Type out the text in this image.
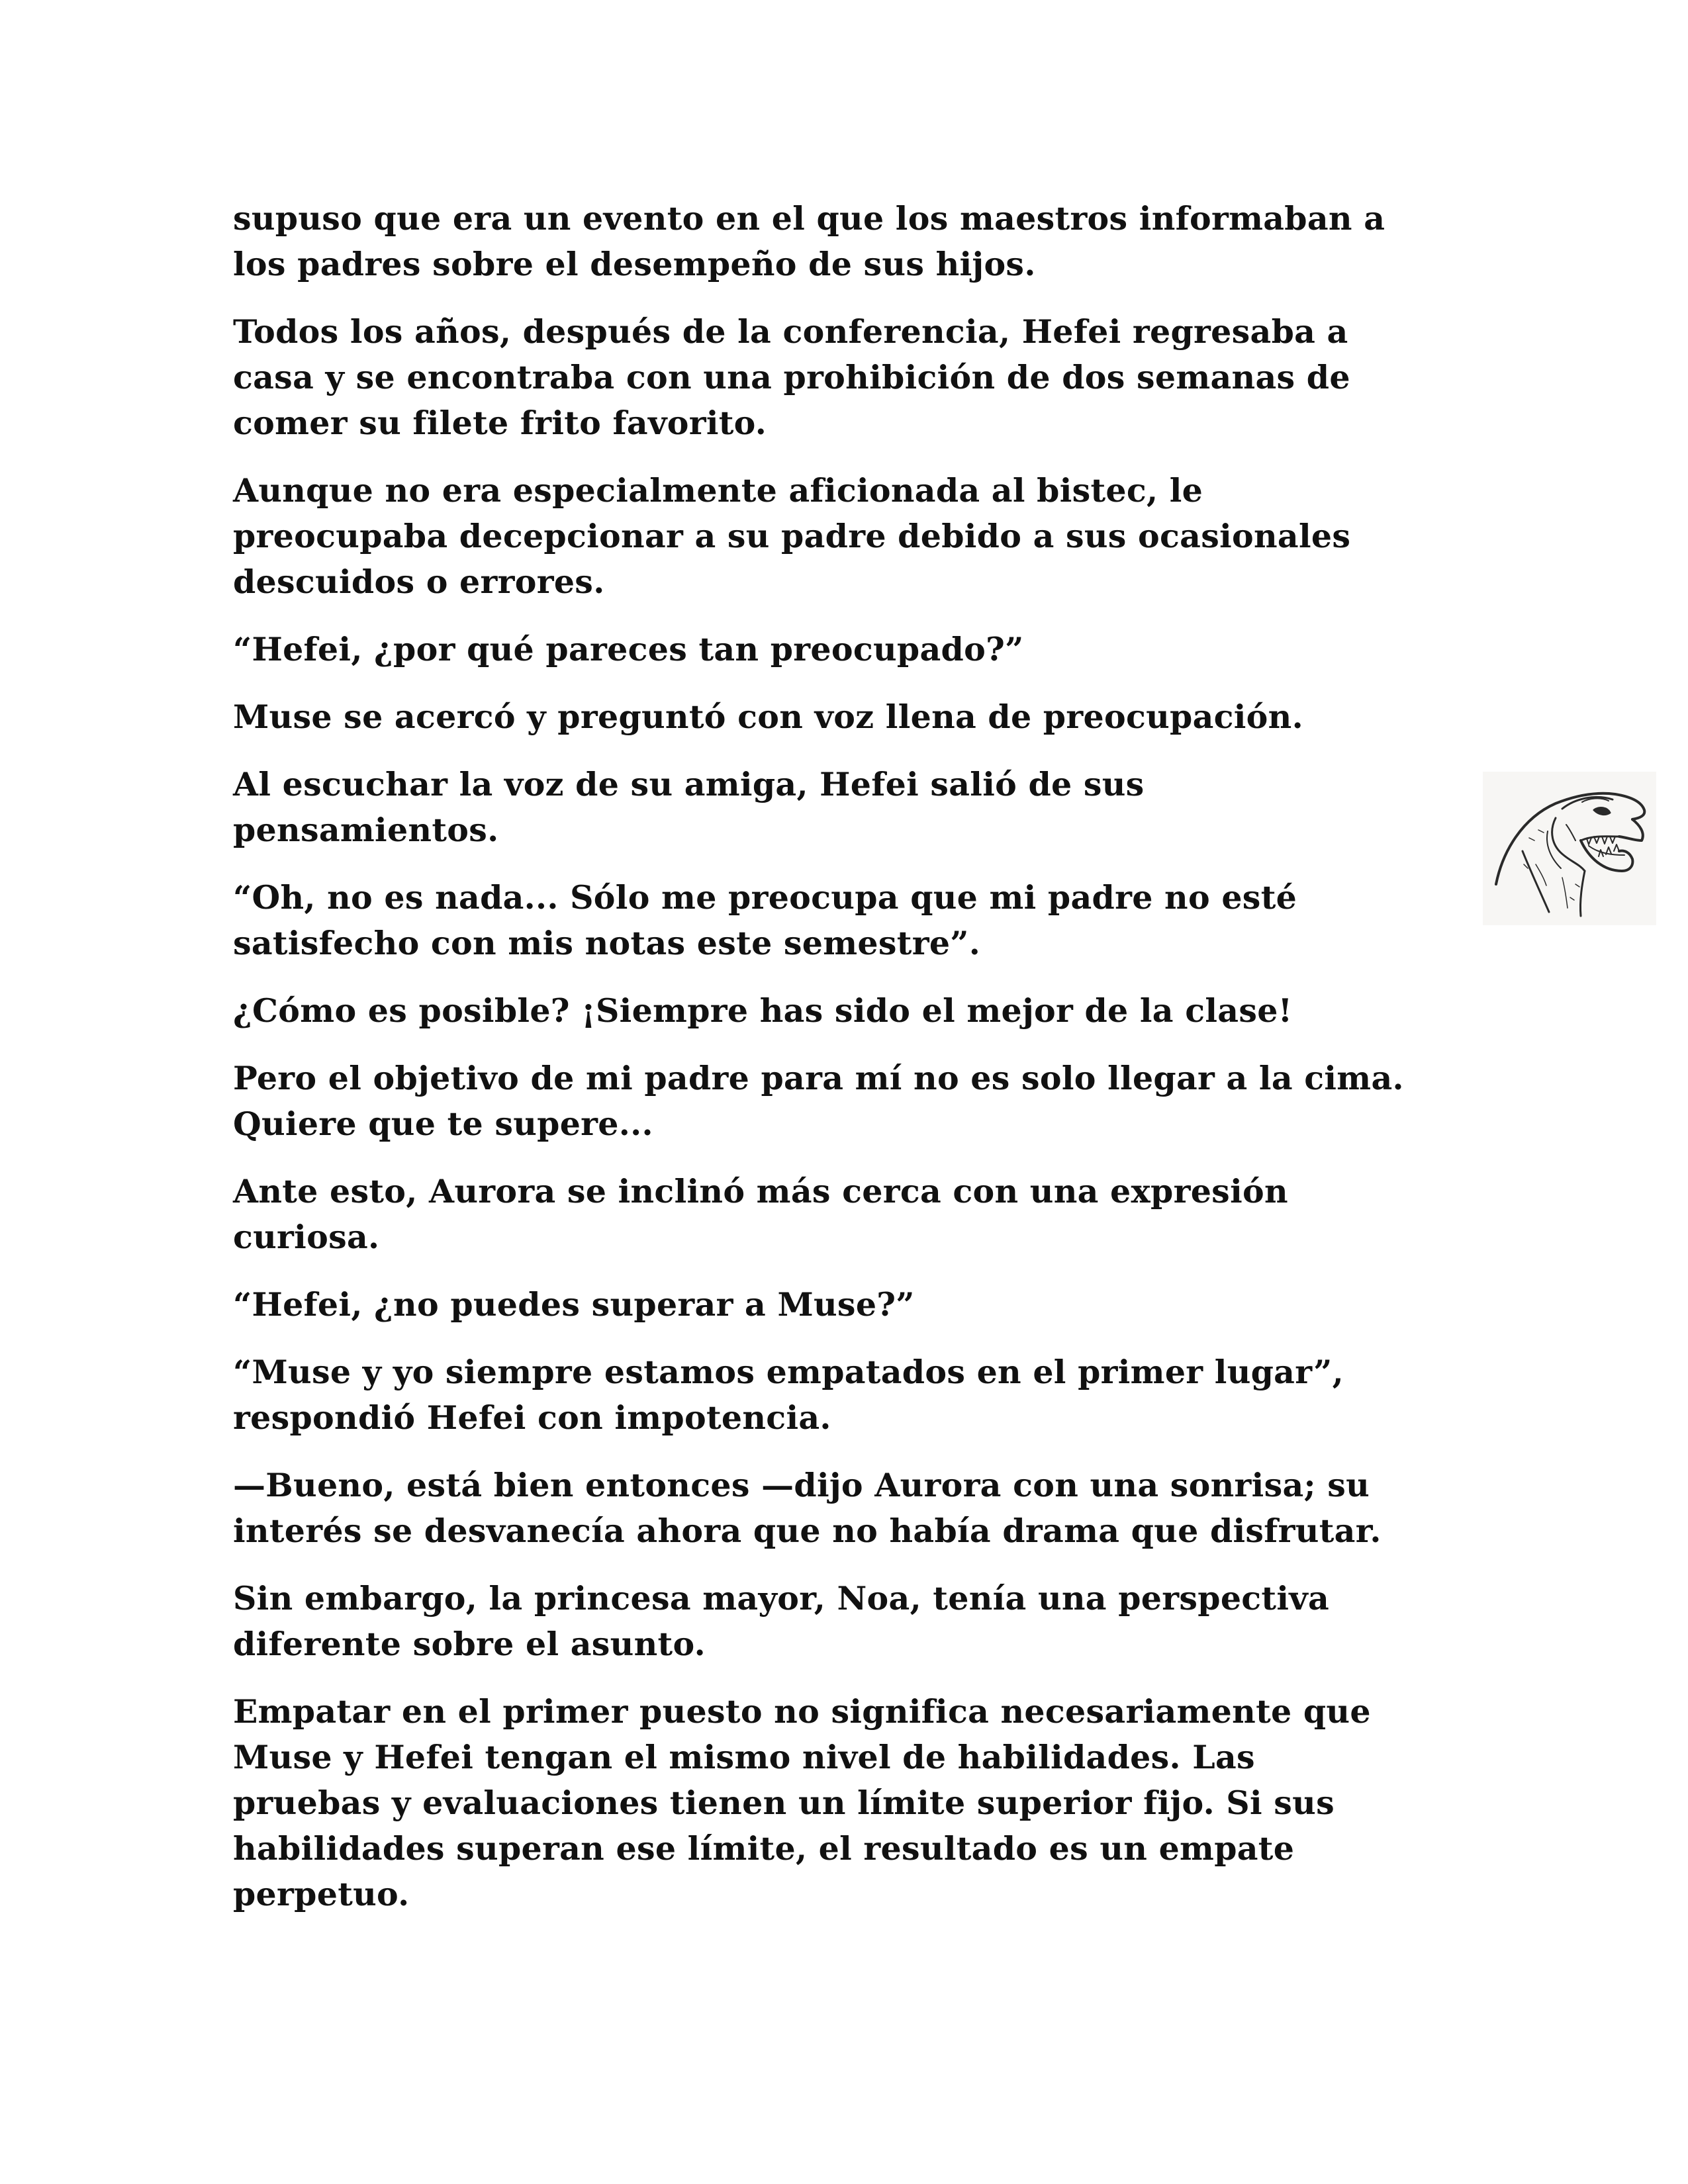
supuso que era un evento en el que los maestros informaban a
los padres sobre el desempeño de sus hijos.

Todos los años, después de la conferencia, Hefei regresaba a
casa y se encontraba con una prohibición de dos semanas de
comer su filete frito favorito.

Aunque no era especialmente aficionada al bistec, le
preocupaba decepcionar a su padre debido a sus ocasionales
descuidos o errores.

“Hefei, ¿por qué pareces tan preocupado?”

Muse se acercó y preguntó con voz llena de preocupación.

Al escuchar la voz de su amiga, Hefei salió de sus
pensamientos.

“Oh, no es nada... Sólo me preocupa que mi padre no esté
satisfecho con mis notas este semestre”.

¿Cómo es posible? ¡Siempre has sido el mejor de la clase!

Pero el objetivo de mi padre para mí no es solo llegar a la cima.
Quiere que te supere...

Ante esto, Aurora se inclinó más cerca con una expresión
curiosa.

“Hefei, ¿no puedes superar a Muse?”

“Muse y yo siempre estamos empatados en el primer lugar”,
respondió Hefei con impotencia.

—Bueno, está bien entonces —dijo Aurora con una sonrisa; su
interés se desvanecía ahora que no había drama que disfrutar.

Sin embargo, la princesa mayor, Noa, tenía una perspectiva
diferente sobre el asunto.

Empatar en el primer puesto no significa necesariamente que
Muse y Hefei tengan el mismo nivel de habilidades. Las
pruebas y evaluaciones tienen un límite superior fijo. Si sus
habilidades superan ese límite, el resultado es un empate
perpetuo.
